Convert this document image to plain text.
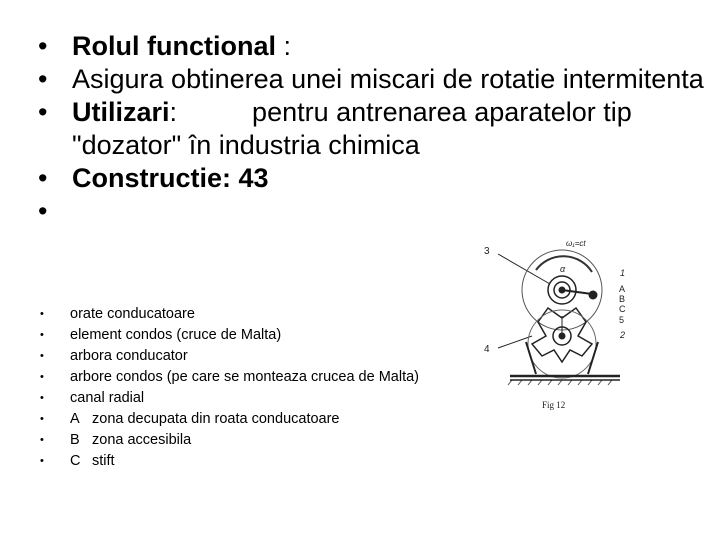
• Rolul functional :
• Asigura obtinerea unei miscari de rotatie intermitenta
• Utilizari:          pentru antrenarea aparatelor tip "dozator" în industria chimica
• Constructie: 43
•

• orate conducatoare
• element condos (cruce de Malta)
• arbora conducator
• arbore condos (pe care se monteaza crucea de Malta)
• canal radial
• A zona decupata din roata conducatoare
• B zona accesibila
• C stift
3
4
ω₁=ct
α	1
A
B
C
5
2
Fig 12
